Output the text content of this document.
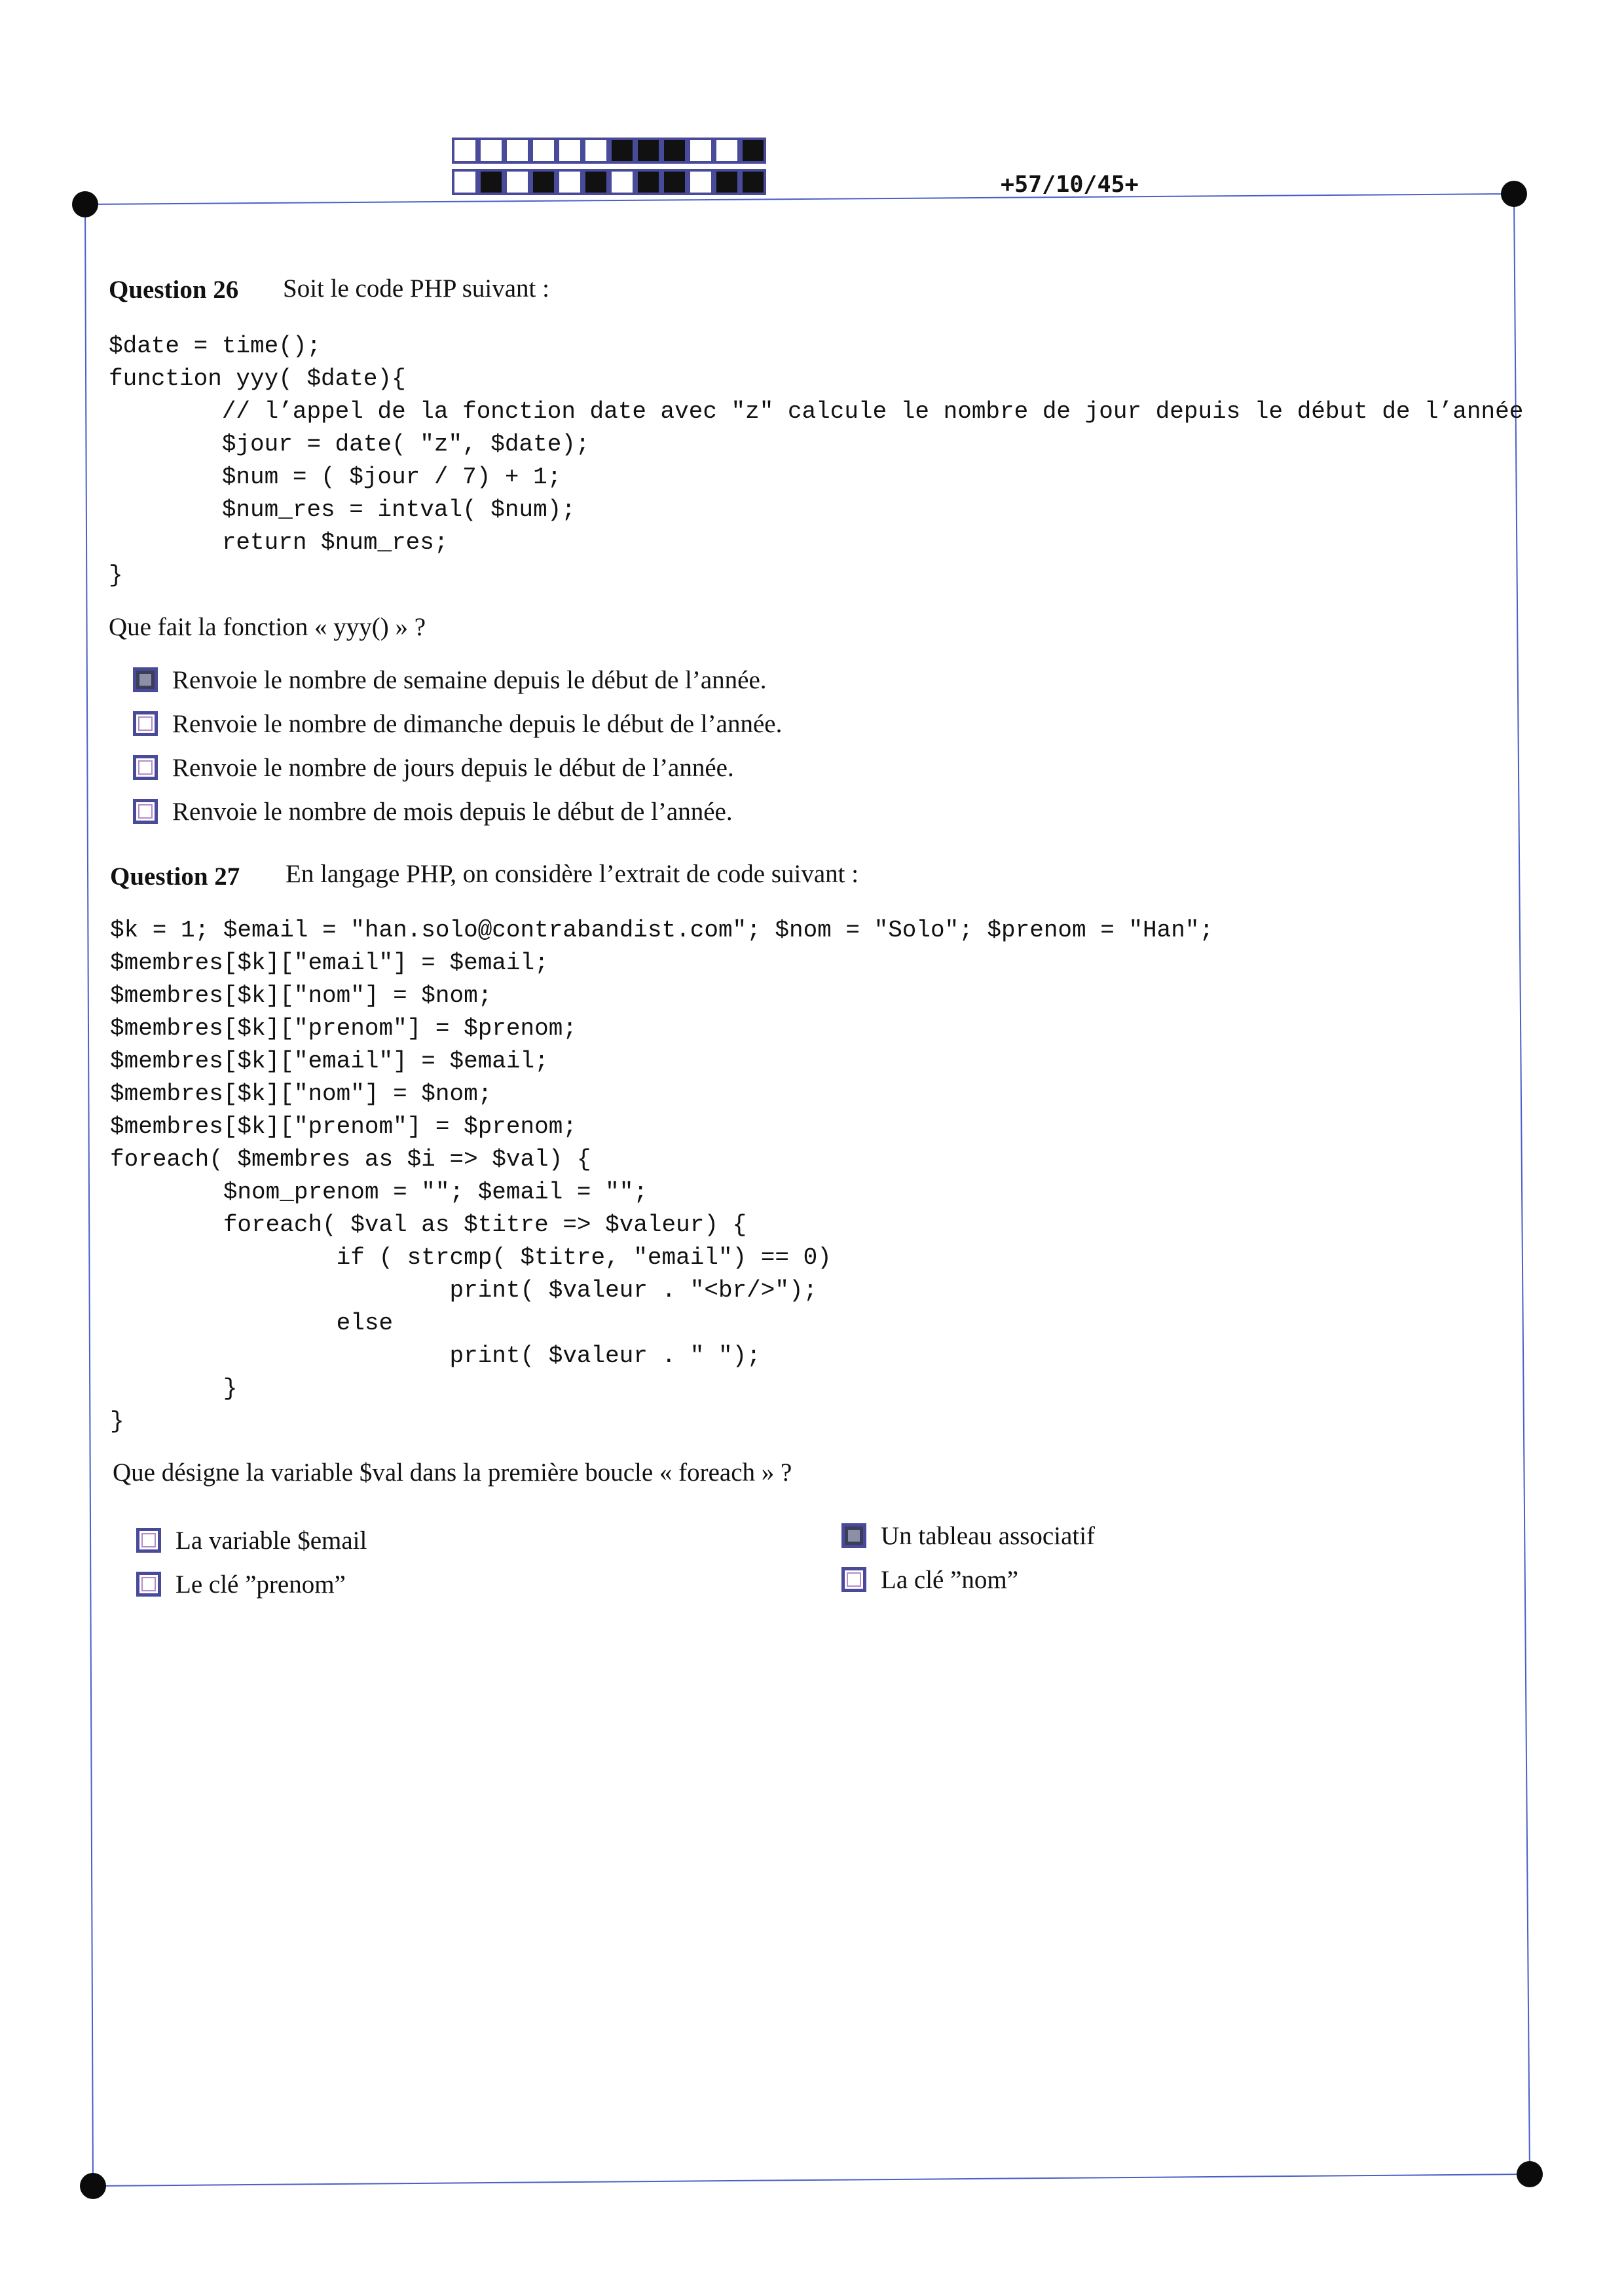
+57/10/45+
Question 26 Soit le code PHP suivant :
$date = time();
function yyy( $date){
// l’appel de la fonction date avec "z" calcule le nombre de jour depuis le début de l’année
$jour = date( "z", $date);
$num = ( $jour / 7) + 1;
$num_res = intval( $num);
return $num_res;
}
Que fait la fonction « yyy() » ?
Renvoie le nombre de semaine depuis le début de l’année.
Renvoie le nombre de dimanche depuis le début de l’année.
Renvoie le nombre de jours depuis le début de l’année.
Renvoie le nombre de mois depuis le début de l’année.
Question 27 En langage PHP, on considère l’extrait de code suivant :
$k = 1; $email = "han.solo@contrabandist.com"; $nom = "Solo"; $prenom = "Han";
$membres[$k]["email"] = $email;
$membres[$k]["nom"] = $nom;
$membres[$k]["prenom"] = $prenom;
$membres[$k]["email"] = $email;
$membres[$k]["nom"] = $nom;
$membres[$k]["prenom"] = $prenom;
foreach( $membres as $i => $val) {
$nom_prenom = ""; $email = "";
foreach( $val as $titre => $valeur) {
if ( strcmp( $titre, "email") == 0)
print( $valeur . "<br/>");
else
print( $valeur . " ");
}
}
Que désigne la variable $val dans la première boucle « foreach » ?
La variable $email
Le clé ”prenom”
Un tableau associatif
La clé ”nom”
